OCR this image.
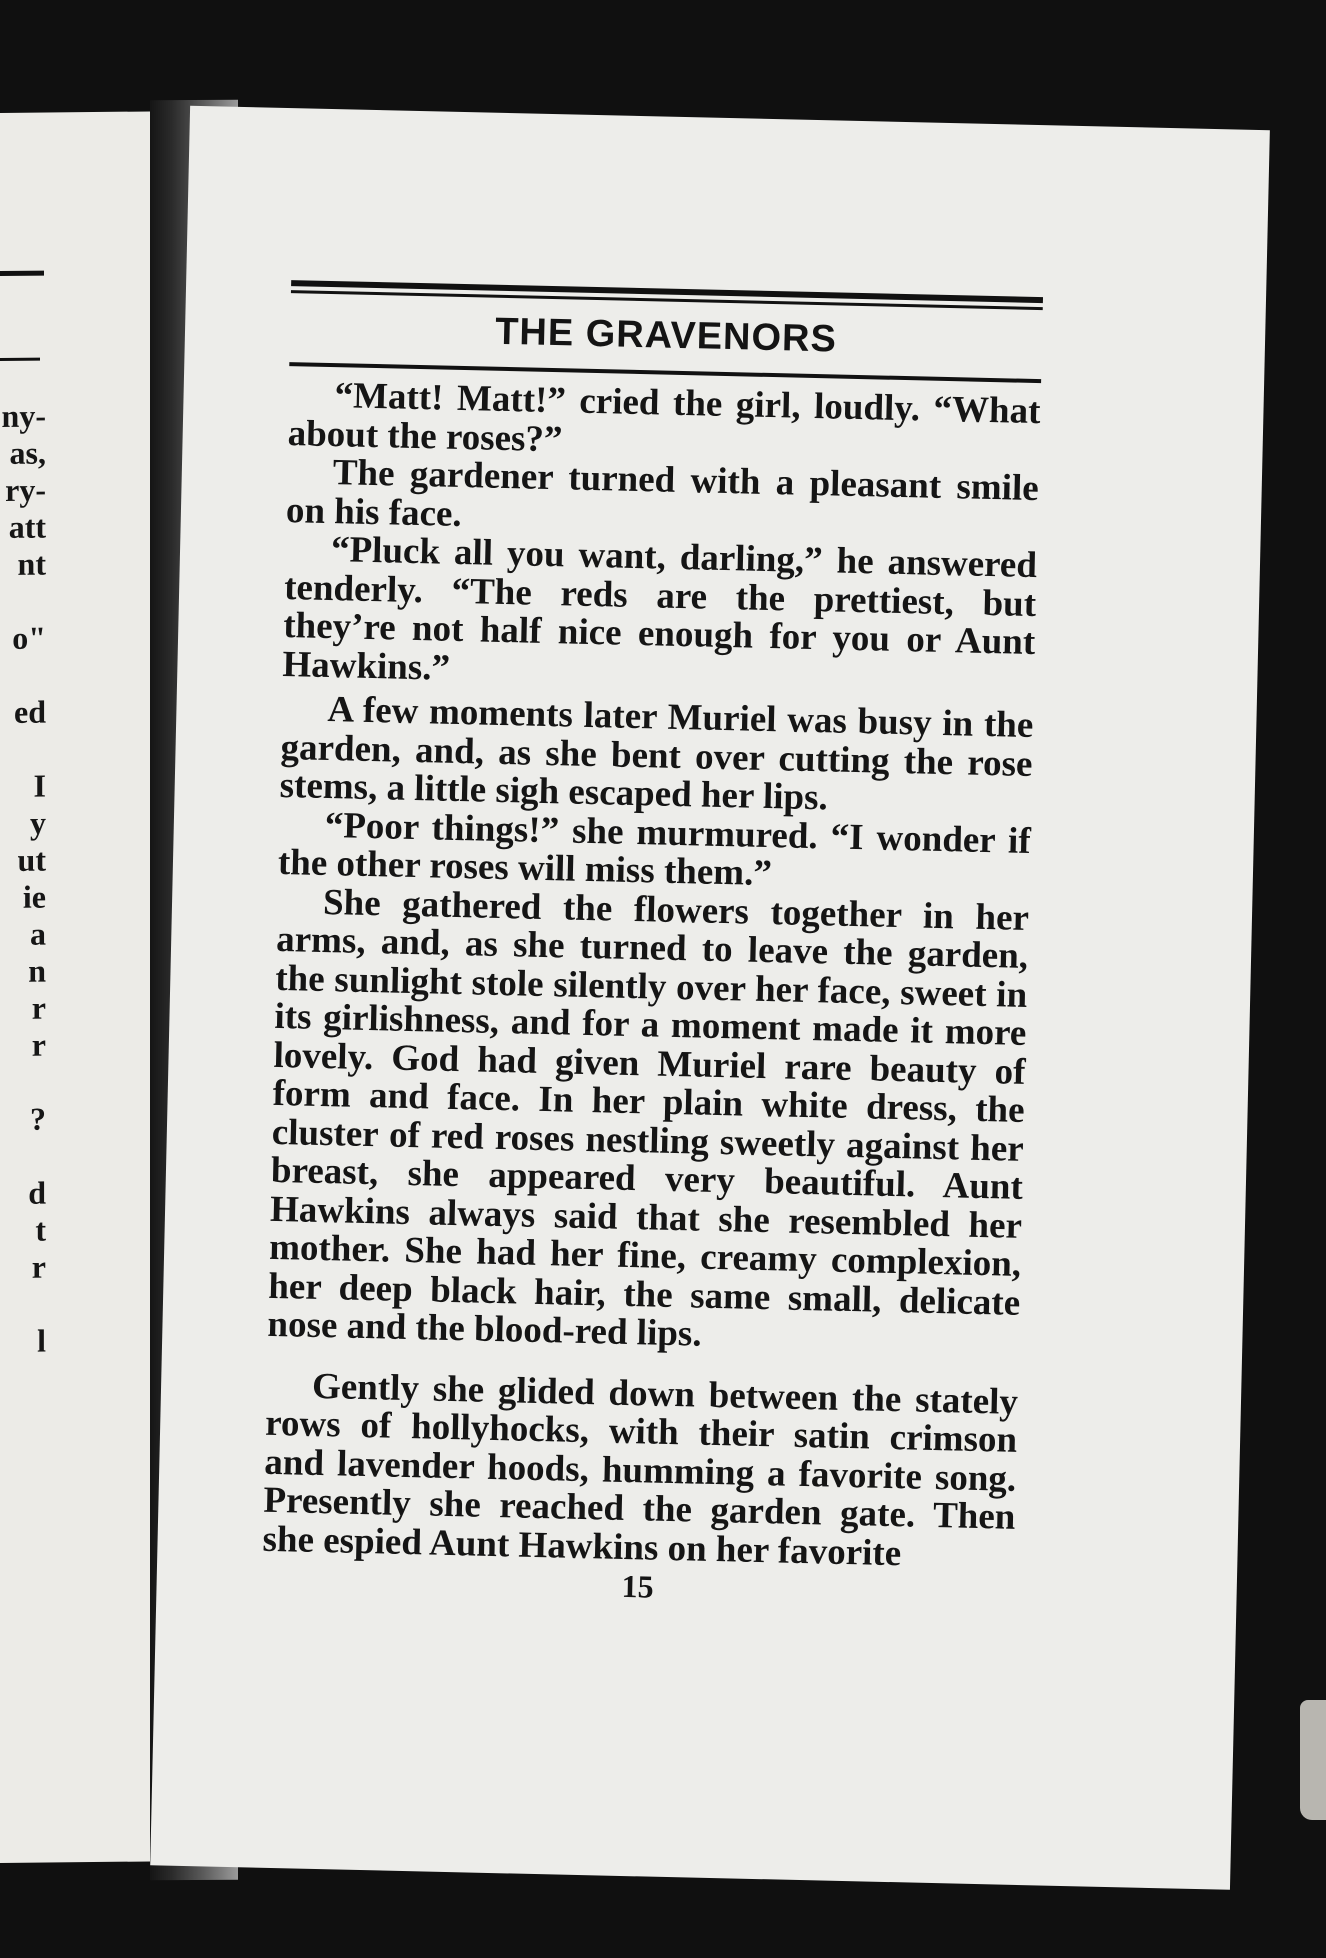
ny-
as,
ry-
att
nt
o"
ed
I
y
ut
ie
a
n
r
r
?
d
t
r
l
THE GRAVENORS

“Matt! Matt!” cried the girl, loudly. “What about the roses?”

The gardener turned with a pleasant smile on his face.

“Pluck all you want, darling,” he answered tenderly. “The reds are the prettiest, but they’re not half nice enough for you or Aunt Hawkins.”

A few moments later Muriel was busy in the garden, and, as she bent over cutting the rose stems, a little sigh escaped her lips.

“Poor things!” she murmured. “I wonder if the other roses will miss them.”

She gathered the flowers together in her arms, and, as she turned to leave the garden, the sunlight stole silently over her face, sweet in its girlishness, and for a moment made it more lovely. God had given Muriel rare beauty of form and face. In her plain white dress, the cluster of red roses nestling sweetly against her breast, she appeared very beautiful. Aunt Hawkins always said that she resembled her mother. She had her fine, creamy complexion, her deep black hair, the same small, delicate nose and the blood-red lips.

Gently she glided down between the stately rows of hollyhocks, with their satin crimson and lavender hoods, humming a favorite song. Presently she reached the garden gate. Then she espied Aunt Hawkins on her favorite

15
